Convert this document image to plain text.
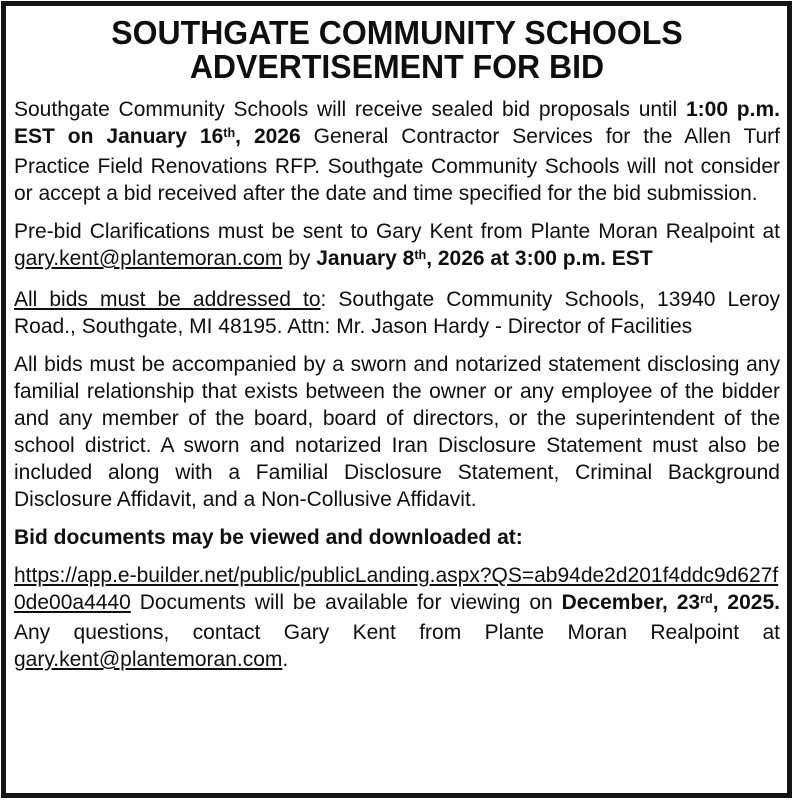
SOUTHGATE COMMUNITY SCHOOLS
ADVERTISEMENT FOR BID

Southgate Community Schools will receive sealed bid proposals until 1:00 p.m. EST on January 16th, 2026 General Contractor Services for the Allen Turf Practice Field Renovations RFP. Southgate Community Schools will not consider or accept a bid received after the date and time specified for the bid submission.

Pre-bid Clarifications must be sent to Gary Kent from Plante Moran Realpoint at gary.kent@plantemoran.com by January 8th, 2026 at 3:00 p.m. EST

All bids must be addressed to: Southgate Community Schools, 13940 Leroy Road., Southgate, MI 48195. Attn: Mr. Jason Hardy - Director of Facilities

All bids must be accompanied by a sworn and notarized statement disclosing any familial relationship that exists between the owner or any employee of the bidder and any member of the board, board of directors, or the superintendent of the school district. A sworn and notarized Iran Disclosure Statement must also be included along with a Familial Disclosure Statement, Criminal Background Disclosure Affidavit, and a Non-Collusive Affidavit.

Bid documents may be viewed and downloaded at:

https://app.e-builder.net/public/publicLanding.aspx?QS=ab94de2d201f4ddc9d627f0de00a4440 Documents will be available for viewing on December, 23rd, 2025. Any questions, contact Gary Kent from Plante Moran Realpoint at gary.kent@plantemoran.com.
